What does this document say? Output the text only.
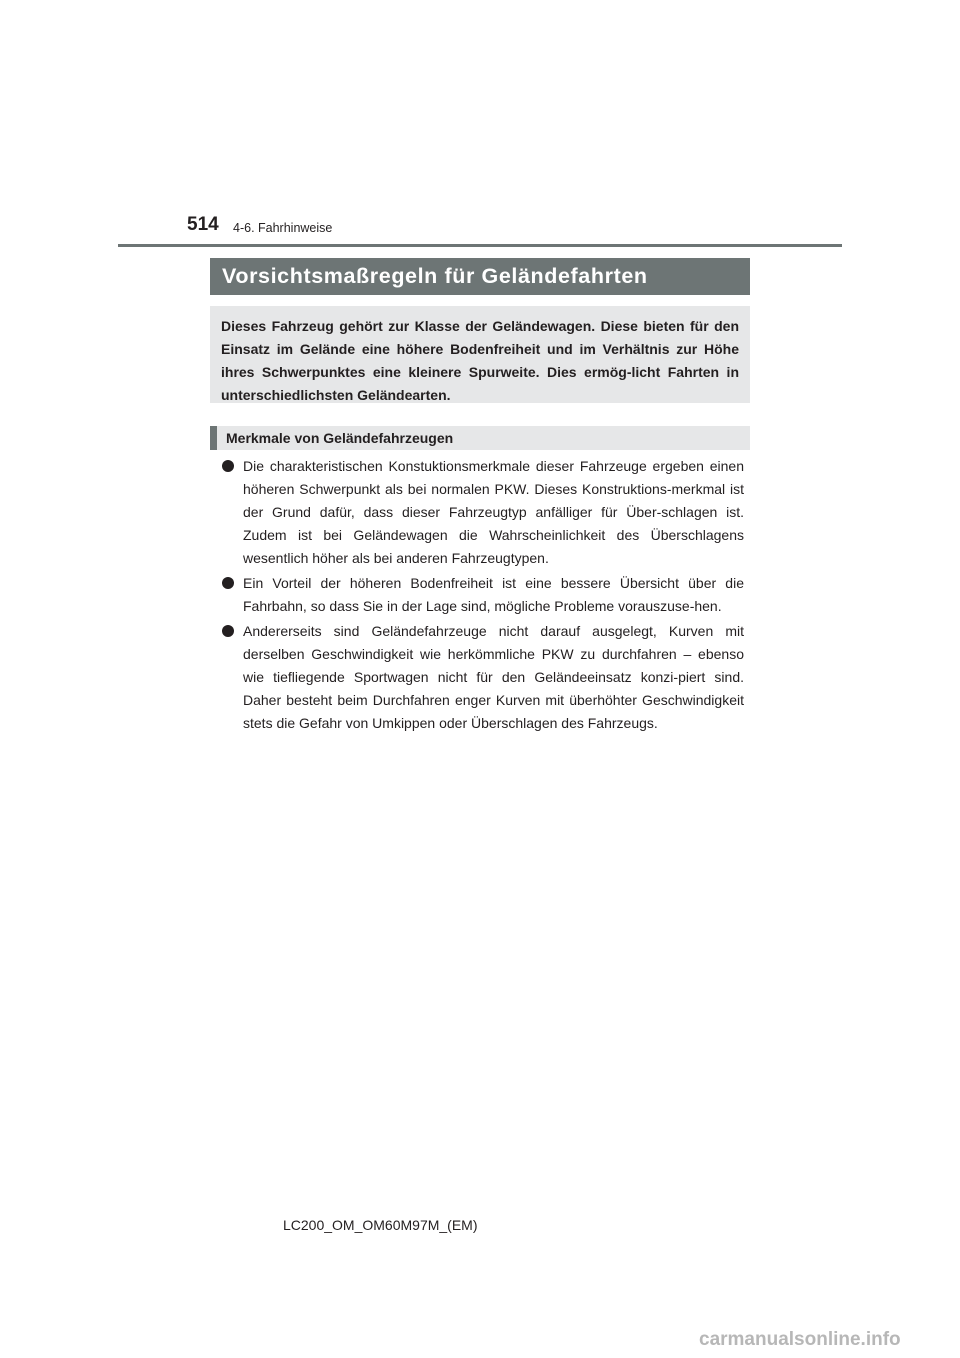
514 4-6. Fahrhinweise
Vorsichtsmaßregeln für Geländefahrten

Dieses Fahrzeug gehört zur Klasse der Geländewagen. Diese bieten für den Einsatz im Gelände eine höhere Bodenfreiheit und im Verhältnis zur Höhe ihres Schwerpunktes eine kleinere Spurweite. Dies ermög-licht Fahrten in unterschiedlichsten Geländearten.

Merkmale von Geländefahrzeugen

Die charakteristischen Konstuktionsmerkmale dieser Fahrzeuge ergeben einen höheren Schwerpunkt als bei normalen PKW. Dieses Konstruktions-merkmal ist der Grund dafür, dass dieser Fahrzeugtyp anfälliger für Über-schlagen ist. Zudem ist bei Geländewagen die Wahrscheinlichkeit des Überschlagens wesentlich höher als bei anderen Fahrzeugtypen.

Ein Vorteil der höheren Bodenfreiheit ist eine bessere Übersicht über die Fahrbahn, so dass Sie in der Lage sind, mögliche Probleme vorauszuse-hen.

Andererseits sind Geländefahrzeuge nicht darauf ausgelegt, Kurven mit derselben Geschwindigkeit wie herkömmliche PKW zu durchfahren – ebenso wie tiefliegende Sportwagen nicht für den Geländeeinsatz konzi-piert sind. Daher besteht beim Durchfahren enger Kurven mit überhöhter Geschwindigkeit stets die Gefahr von Umkippen oder Überschlagen des Fahrzeugs.

LC200_OM_OM60M97M_(EM)
carmanualsonline.info
